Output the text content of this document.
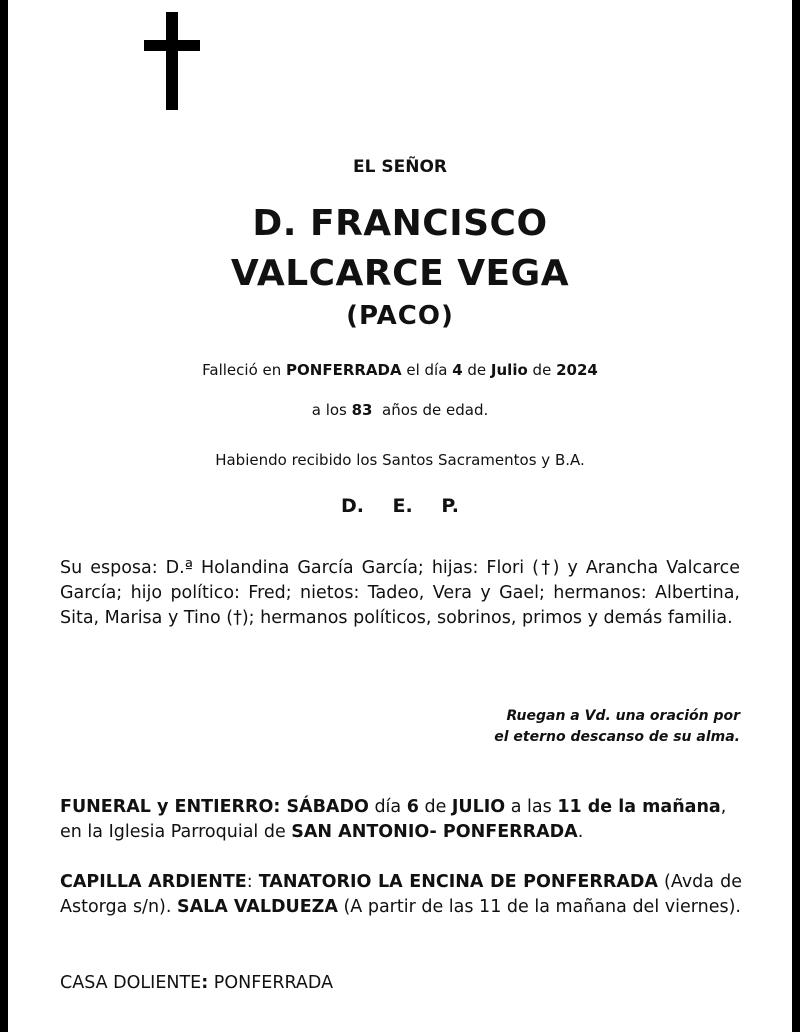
EL SEÑOR
D. FRANCISCO
VALCARCE VEGA
(PACO)
Falleció en PONFERRADA el día 4 de Julio de 2024
a los 83 años de edad.
Habiendo recibido los Santos Sacramentos y B.A.
D. E. P.
Su esposa: D.ª Holandina García García; hijas: Flori (†) y Arancha Valcarce García; hijo político: Fred; nietos: Tadeo, Vera y Gael; hermanos: Albertina, Sita, Marisa y Tino (†); hermanos políticos, sobrinos, primos y demás familia.
Ruegan a Vd. una oración por
el eterno descanso de su alma.
FUNERAL y ENTIERRO: SÁBADO día 6 de JULIO a las 11 de la mañana,
en la Iglesia Parroquial de SAN ANTONIO- PONFERRADA.
CAPILLA ARDIENTE: TANATORIO LA ENCINA DE PONFERRADA (Avda de Astorga s/n). SALA VALDUEZA (A partir de las 11 de la mañana del viernes).
CASA DOLIENTE: PONFERRADA
